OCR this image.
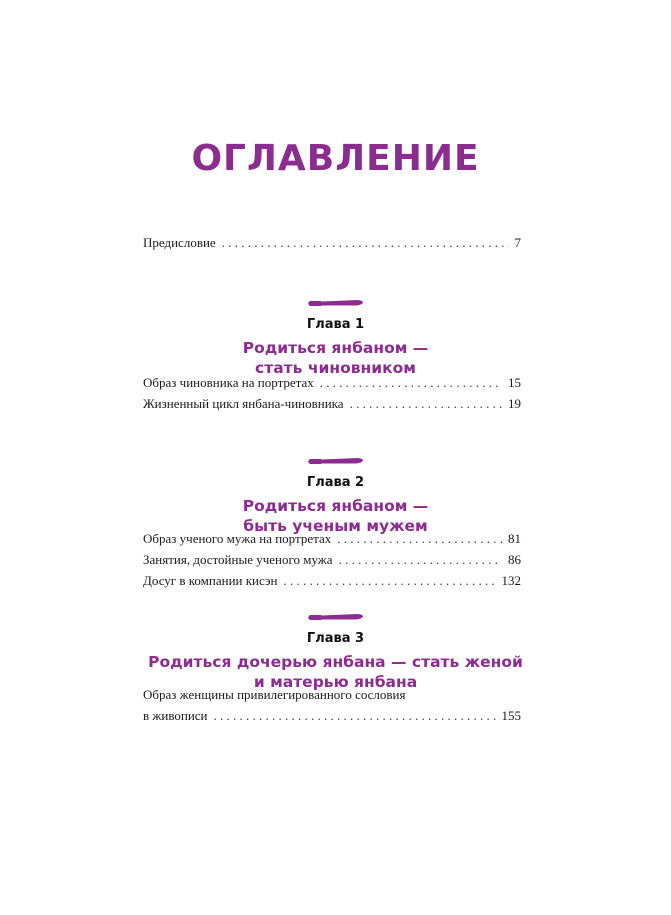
ОГЛАВЛЕНИЕ
Предисловие . . .	7
Глава 1
Родиться янбаном —
стать чиновником
Образ чиновника на портретах . . .	15
Жизненный цикл янбана-чиновника . . .	19
Глава 2
Родиться янбаном —
быть ученым мужем
Образ ученого мужа на портретах . . .	81
Занятия, достойные ученого мужа . . .	86
Досуг в компании кисэн . . .	132
Глава 3
Родиться дочерью янбана — стать женой
и матерью янбана
Образ женщины привилегированного сословия
в живописи . . .	155
